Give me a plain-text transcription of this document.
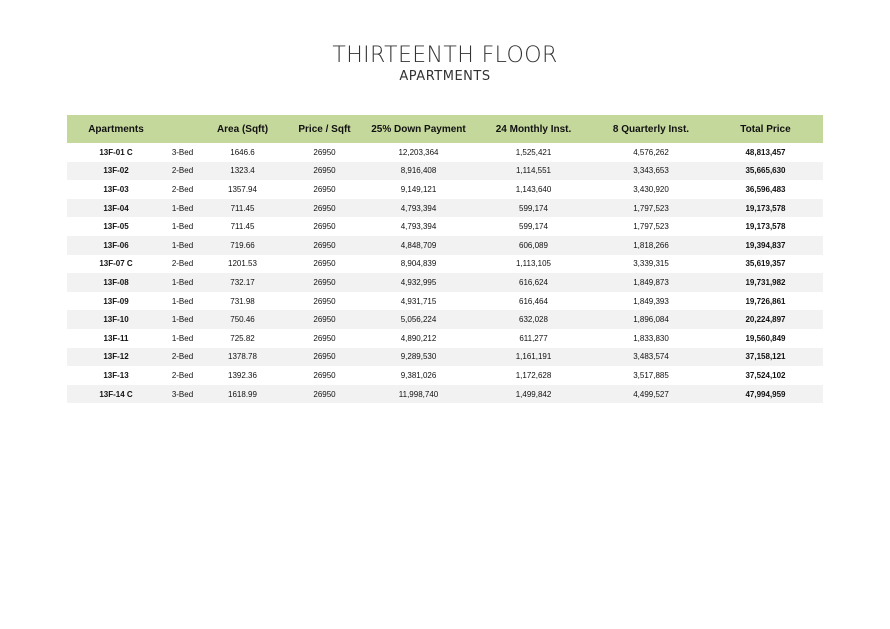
THIRTEENTH FLOOR
APARTMENTS
Apartments		Area (Sqft)	Price / Sqft	25% Down Payment	24 Monthly Inst.	8 Quarterly Inst.	Total Price
13F-01 C	3-Bed	1646.6	26950	12,203,364	1,525,421	4,576,262	48,813,457
13F-02	2-Bed	1323.4	26950	8,916,408	1,114,551	3,343,653	35,665,630
13F-03	2-Bed	1357.94	26950	9,149,121	1,143,640	3,430,920	36,596,483
13F-04	1-Bed	711.45	26950	4,793,394	599,174	1,797,523	19,173,578
13F-05	1-Bed	711.45	26950	4,793,394	599,174	1,797,523	19,173,578
13F-06	1-Bed	719.66	26950	4,848,709	606,089	1,818,266	19,394,837
13F-07 C	2-Bed	1201.53	26950	8,904,839	1,113,105	3,339,315	35,619,357
13F-08	1-Bed	732.17	26950	4,932,995	616,624	1,849,873	19,731,982
13F-09	1-Bed	731.98	26950	4,931,715	616,464	1,849,393	19,726,861
13F-10	1-Bed	750.46	26950	5,056,224	632,028	1,896,084	20,224,897
13F-11	1-Bed	725.82	26950	4,890,212	611,277	1,833,830	19,560,849
13F-12	2-Bed	1378.78	26950	9,289,530	1,161,191	3,483,574	37,158,121
13F-13	2-Bed	1392.36	26950	9,381,026	1,172,628	3,517,885	37,524,102
13F-14 C	3-Bed	1618.99	26950	11,998,740	1,499,842	4,499,527	47,994,959
